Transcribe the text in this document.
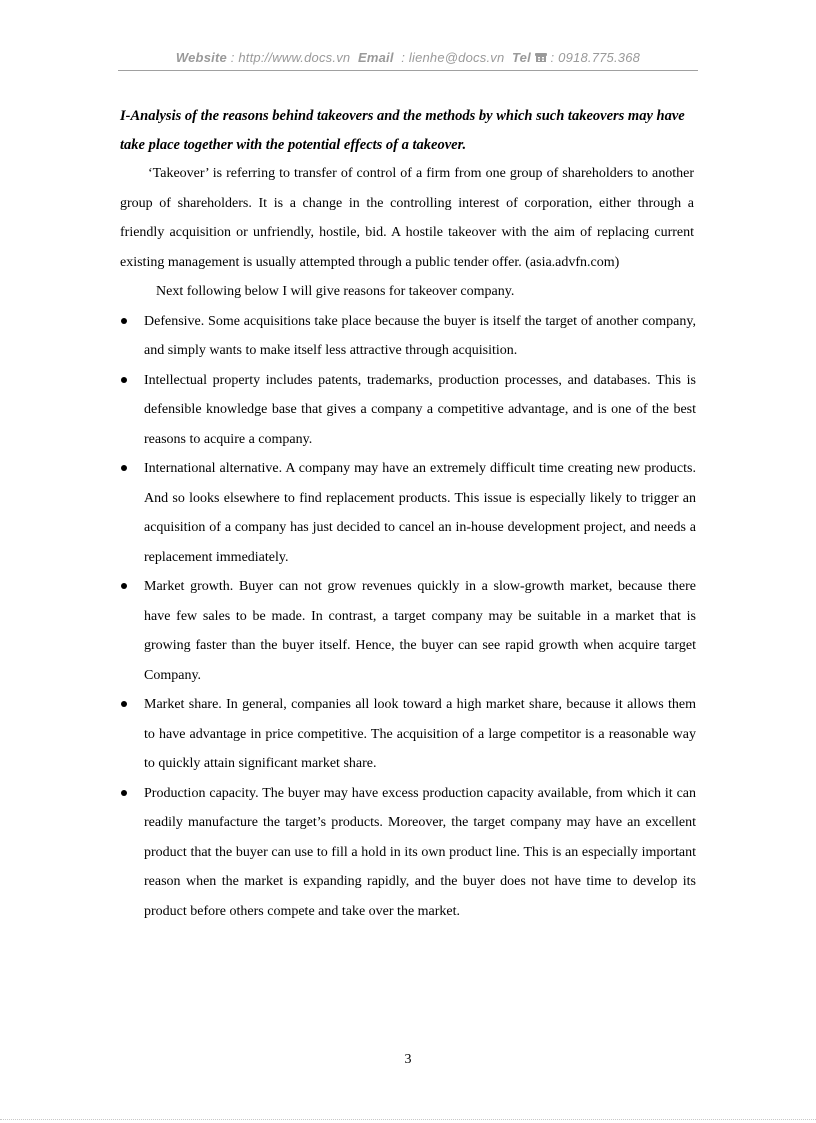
Website : http://www.docs.vn Email : lienhe@docs.vn Tel : 0918.775.368
I-Analysis of the reasons behind takeovers and the methods by which such takeovers may have take place together with the potential effects of a takeover.

‘Takeover’ is referring to transfer of control of a firm from one group of shareholders to another group of shareholders. It is a change in the controlling interest of corporation, either through a friendly acquisition or unfriendly, hostile, bid. A hostile takeover with the aim of replacing current existing management is usually attempted through a public tender offer. (asia.advfn.com)

Next following below I will give reasons for takeover company.

Defensive. Some acquisitions take place because the buyer is itself the target of another company, and simply wants to make itself less attractive through acquisition.
Intellectual property includes patents, trademarks, production processes, and databases. This is defensible knowledge base that gives a company a competitive advantage, and is one of the best reasons to acquire a company.
International alternative. A company may have an extremely difficult time creating new products. And so looks elsewhere to find replacement products. This issue is especially likely to trigger an acquisition of a company has just decided to cancel an in-house development project, and needs a replacement immediately.
Market growth. Buyer can not grow revenues quickly in a slow-growth market, because there have few sales to be made. In contrast, a target company may be suitable in a market that is growing faster than the buyer itself. Hence, the buyer can see rapid growth when acquire target Company.
Market share. In general, companies all look toward a high market share, because it allows them to have advantage in price competitive. The acquisition of a large competitor is a reasonable way to quickly attain significant market share.
Production capacity. The buyer may have excess production capacity available, from which it can readily manufacture the target’s products. Moreover, the target company may have an excellent product that the buyer can use to fill a hold in its own product line. This is an especially important reason when the market is expanding rapidly, and the buyer does not have time to develop its product before others compete and take over the market.
3
